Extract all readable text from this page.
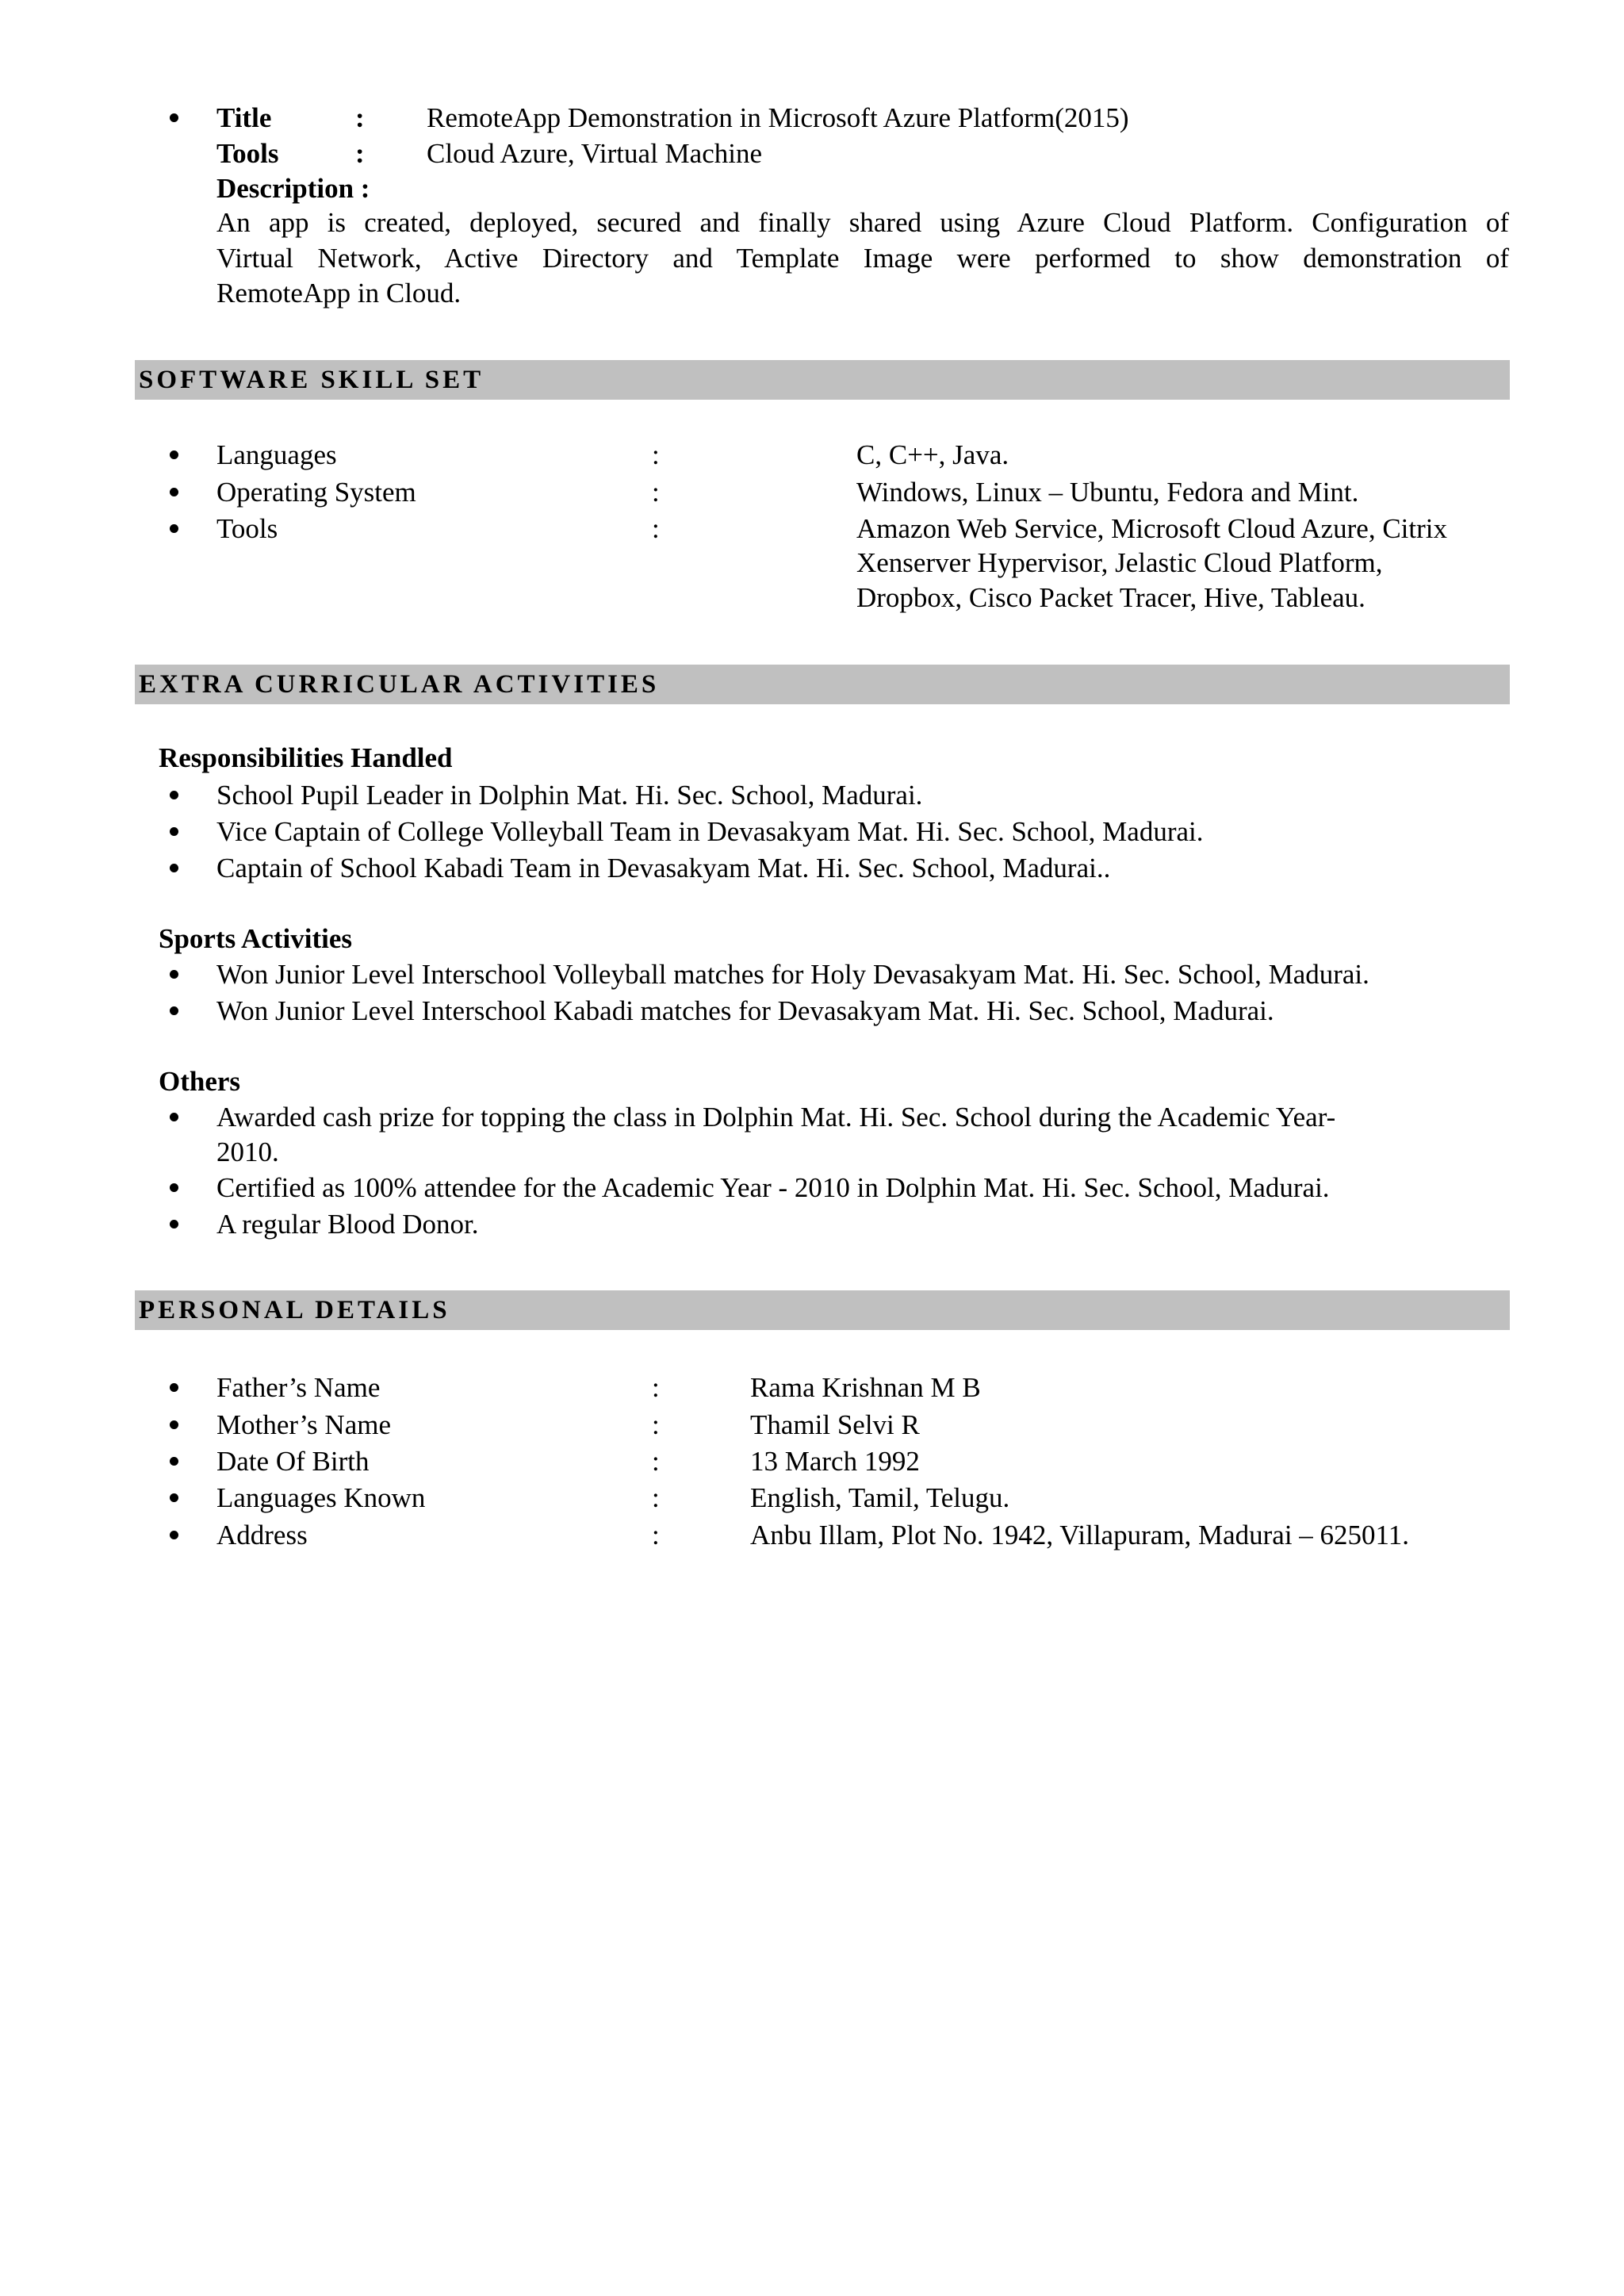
Title	: RemoteApp Demonstration in Microsoft Azure Platform(2015)
Tools	: Cloud Azure, Virtual Machine
Description :
An app is created, deployed, secured and finally shared using Azure Cloud Platform. Configuration of
Virtual Network, Active Directory and Template Image were performed to show demonstration of
RemoteApp in Cloud.
SOFTWARE SKILL SET
Languages	:	C, C++, Java.
Operating System	:	Windows, Linux – Ubuntu, Fedora and Mint.
Tools	:	Amazon Web Service, Microsoft Cloud Azure, Citrix
Xenserver Hypervisor, Jelastic Cloud Platform,
Dropbox, Cisco Packet Tracer, Hive, Tableau.
EXTRA CURRICULAR ACTIVITIES
Responsibilities Handled
School Pupil Leader in Dolphin Mat. Hi. Sec. School, Madurai.
Vice Captain of College Volleyball Team in Devasakyam Mat. Hi. Sec. School, Madurai.
Captain of School Kabadi Team in Devasakyam Mat. Hi. Sec. School, Madurai..
Sports Activities
Won Junior Level Interschool Volleyball matches for Holy Devasakyam Mat. Hi. Sec. School, Madurai.
Won Junior Level Interschool Kabadi matches for Devasakyam Mat. Hi. Sec. School, Madurai.
Others
Awarded cash prize for topping the class in Dolphin Mat. Hi. Sec. School during the Academic Year-
2010.
Certified as 100% attendee for the Academic Year - 2010 in Dolphin Mat. Hi. Sec. School, Madurai.
A regular Blood Donor.
PERSONAL DETAILS
Father’s Name	:	Rama Krishnan M B
Mother’s Name	:	Thamil Selvi R
Date Of Birth	:	13 March 1992
Languages Known	:	English, Tamil, Telugu.
Address	:	Anbu Illam, Plot No. 1942, Villapuram, Madurai – 625011.
